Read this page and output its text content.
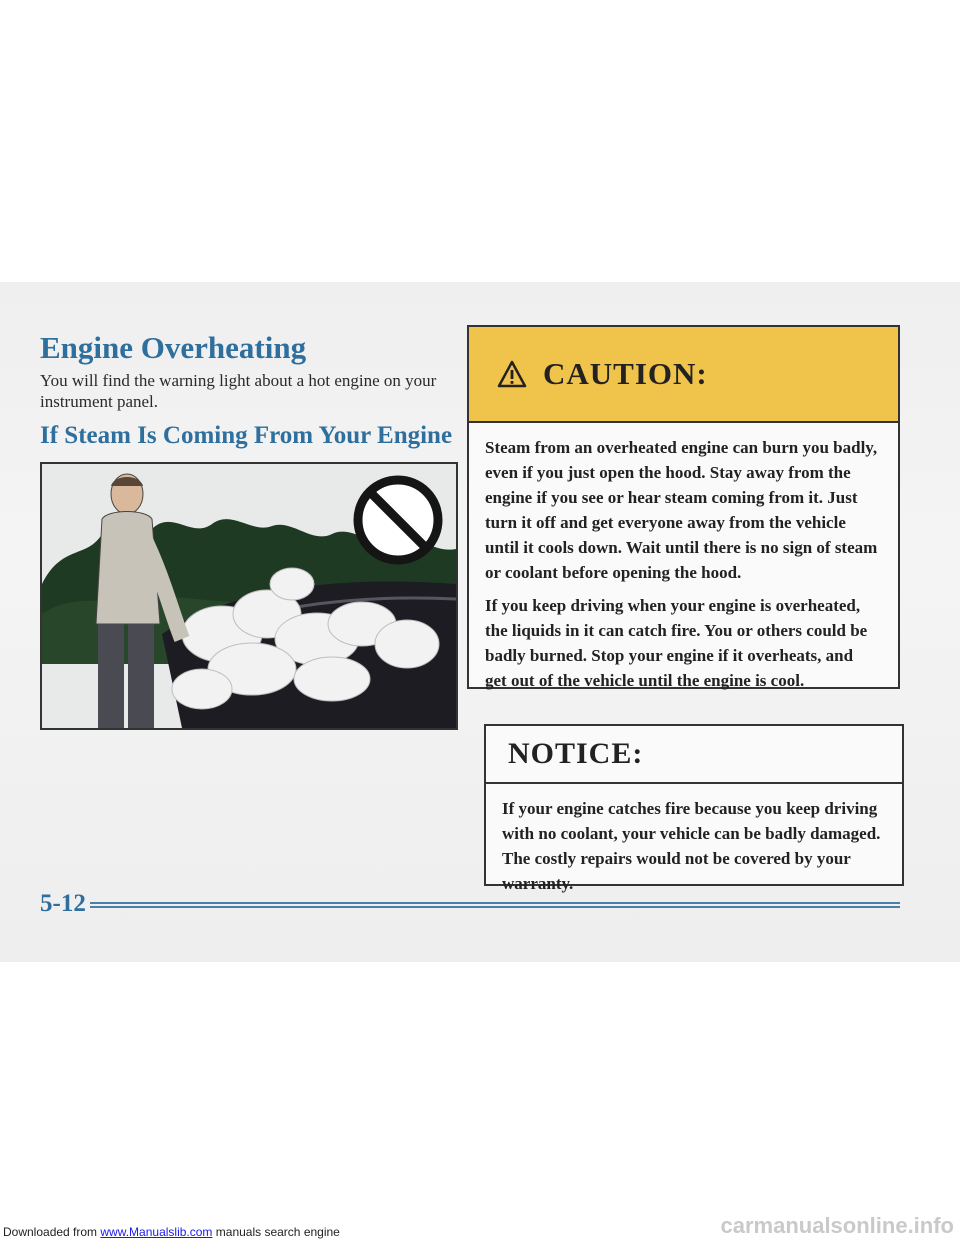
Engine Overheating

You will find the warning light about a hot engine on your instrument panel.

If Steam Is Coming From Your Engine
CAUTION:

Steam from an overheated engine can burn you badly, even if you just open the hood. Stay away from the engine if you see or hear steam coming from it. Just turn it off and get everyone away from the vehicle until it cools down. Wait until there is no sign of steam or coolant before opening the hood.

If you keep driving when your engine is overheated, the liquids in it can catch fire. You or others could be badly burned. Stop your engine if it overheats, and get out of the vehicle until the engine is cool.

NOTICE:

If your engine catches fire because you keep driving with no coolant, your vehicle can be badly damaged. The costly repairs would not be covered by your warranty.

5-12

Downloaded from www.Manualslib.com manuals search engine	carmanualsonline.info
